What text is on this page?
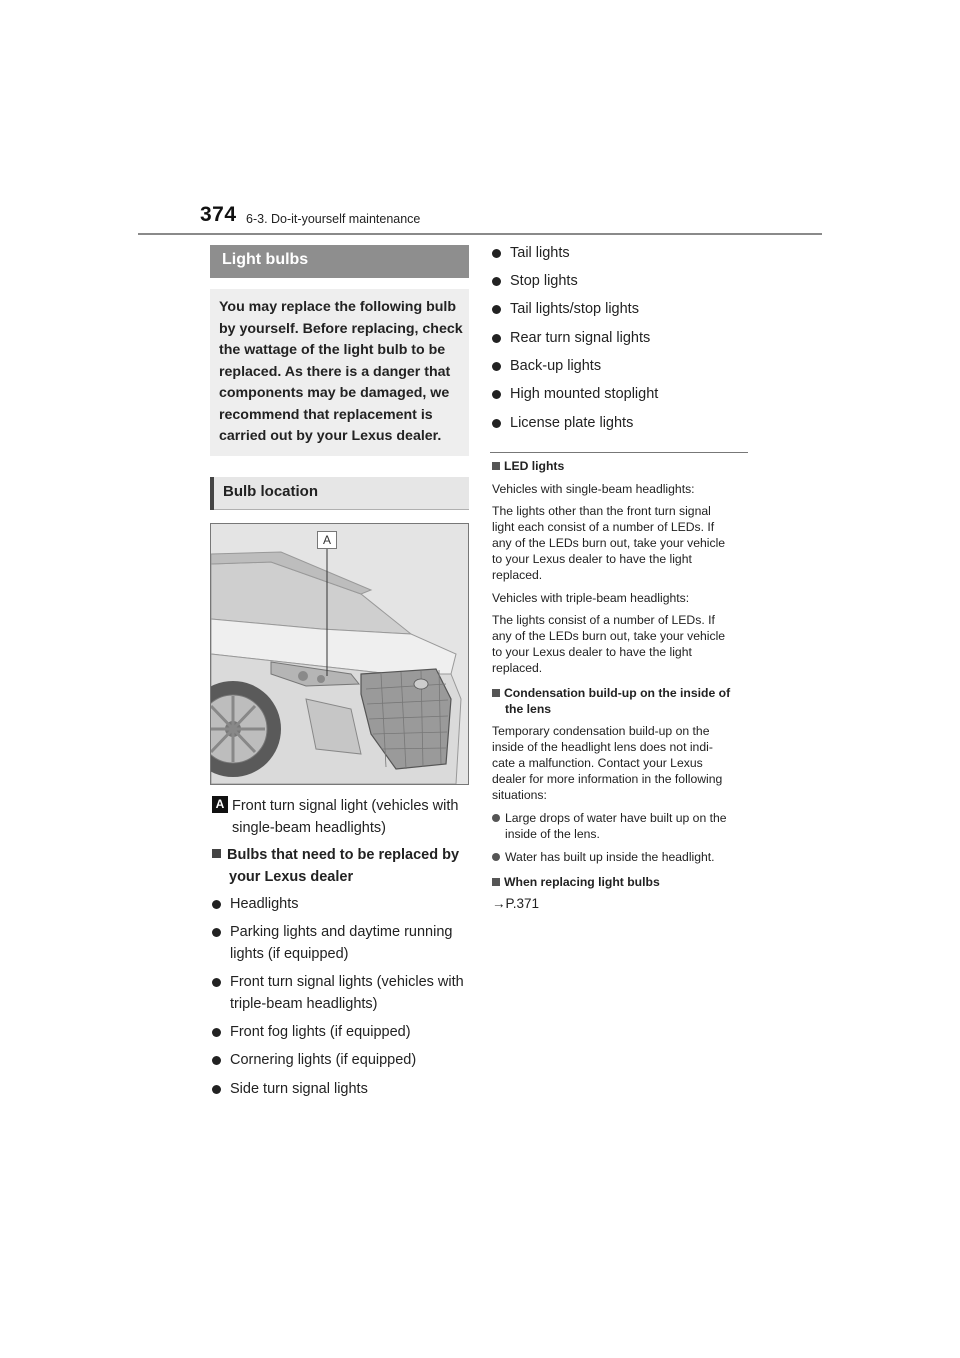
374 6-3. Do-it-yourself maintenance
Light bulbs

You may replace the following bulb by yourself. Before replacing, check the wattage of the light bulb to be replaced. As there is a danger that components may be damaged, we recommend that replacement is carried out by your Lexus dealer.

Bulb location
A
A Front turn signal light (vehicles with single-beam headlights)
Bulbs that need to be replaced by
your Lexus dealer
Headlights
Parking lights and daytime running
lights (if equipped)
Front turn signal lights (vehicles with
triple-beam headlights)
Front fog lights (if equipped)
Cornering lights (if equipped)
Side turn signal lights
Tail lights
Stop lights
Tail lights/stop lights
Rear turn signal lights
Back-up lights
High mounted stoplight
License plate lights
LED lights
Vehicles with single-beam headlights:
The lights other than the front turn signal
light each consist of a number of LEDs. If
any of the LEDs burn out, take your vehicle
to your Lexus dealer to have the light
replaced.
Vehicles with triple-beam headlights:
The lights consist of a number of LEDs. If
any of the LEDs burn out, take your vehicle
to your Lexus dealer to have the light
replaced.
Condensation build-up on the inside of
the lens
Temporary condensation build-up on the
inside of the headlight lens does not indi-
cate a malfunction. Contact your Lexus
dealer for more information in the following
situations:
Large drops of water have built up on the
inside of the lens.
Water has built up inside the headlight.
When replacing light bulbs
→P.371
